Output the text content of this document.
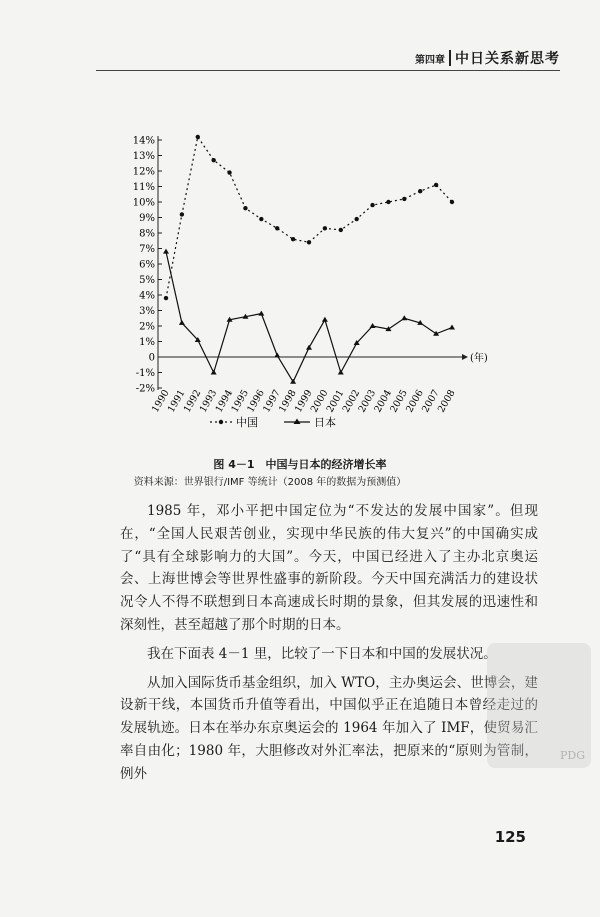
第四章 中日关系新思考
14%
13%
12%
11%
10%
9%
8%
7%
6%
5%
4%
3%
2%
1%
0
-1%
-2%
(年)
1990
1991
1992
1993
1994
1995
1996
1997
1998
1999
2000
2001
2002
2003
2004
2005
2006
2007
2008
中国	日本
图 4－1　中国与日本的经济增长率
资料来源：世界银行/IMF 等统计（2008 年的数据为预测值）

1985 年，邓小平把中国定位为“不发达的发展中国家”。但现在，“全国人民艰苦创业，实现中华民族的伟大复兴”的中国确实成了“具有全球影响力的大国”。今天，中国已经进入了主办北京奥运会、上海世博会等世界性盛事的新阶段。今天中国充满活力的建设状况令人不得不联想到日本高速成长时期的景象，但其发展的迅速性和深刻性，甚至超越了那个时期的日本。

我在下面表 4－1 里，比较了一下日本和中国的发展状况。

从加入国际货币基金组织，加入 WTO，主办奥运会、世博会，建设新干线，本国货币升值等看出，中国似乎正在追随日本曾经走过的发展轨迹。日本在举办东京奥运会的 1964 年加入了 IMF，使贸易汇率自由化；1980 年，大胆修改对外汇率法，把原来的“原则为管制，例外

PDG
125
